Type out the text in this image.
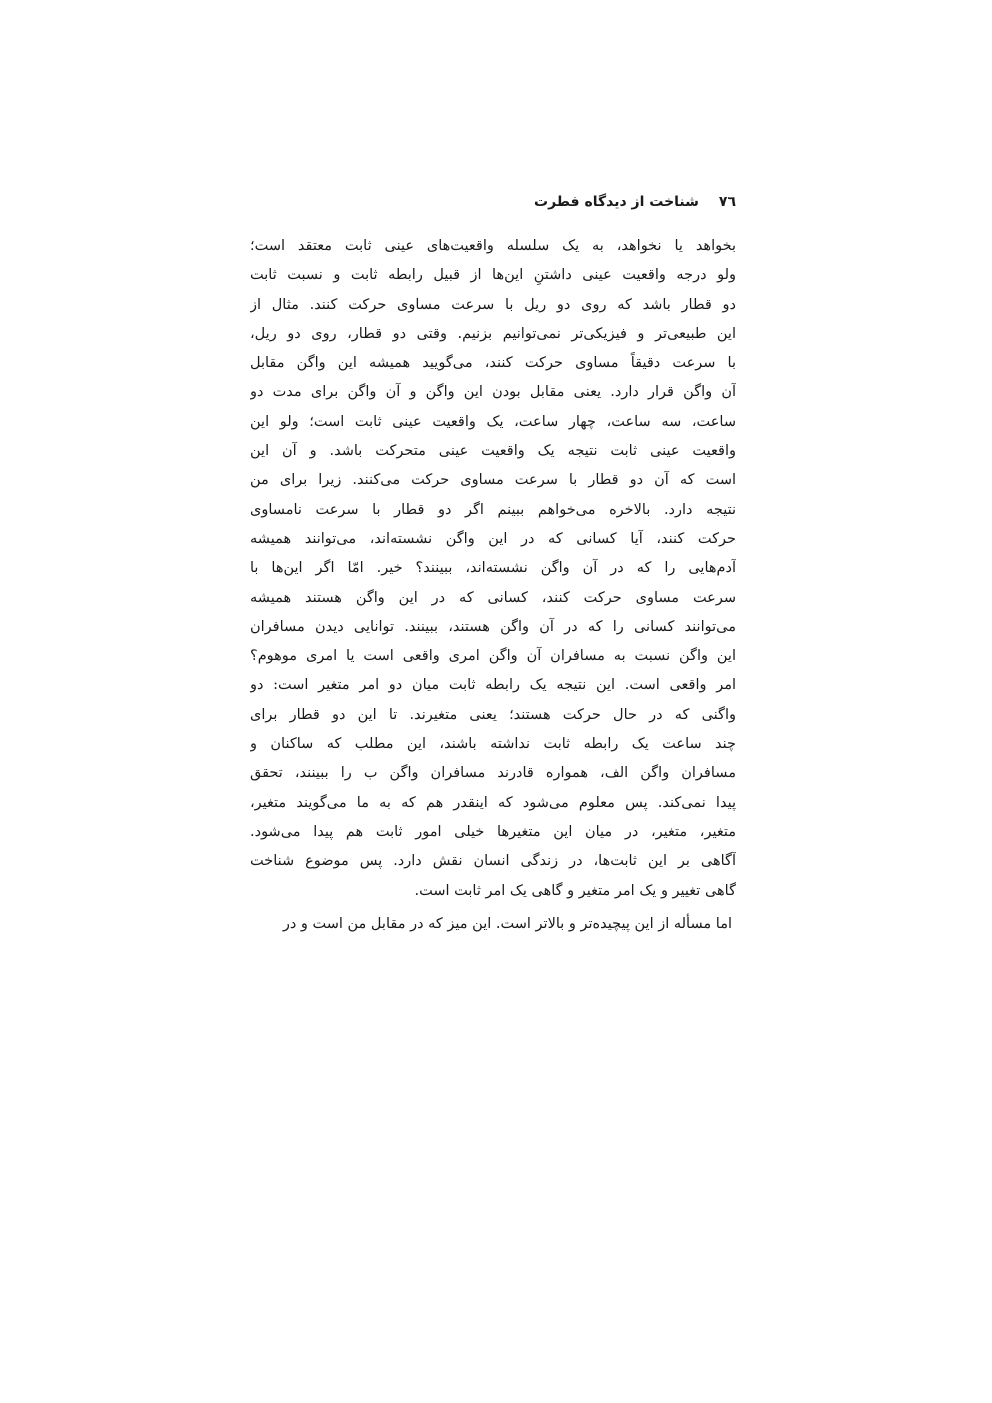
٧٦
شناخت از دیدگاه فطرت
بخواهد یا نخواهد، به یک سلسله واقعیت‌های عینی ثابت معتقد است؛
ولو درجه واقعیت عینی داشتنِ این‌ها از قبیل رابطه ثابت و نسبت ثابت
دو قطار باشد که روی دو ریل با سرعت مساوی حرکت کنند. مثال از
این طبیعی‌تر و فیزیکی‌تر نمی‌توانیم بزنیم. وقتی دو قطار، روی دو ریل،
با سرعت دقیقاً مساوی حرکت کنند، می‌گویید همیشه این واگن مقابل
آن واگن قرار دارد. یعنی مقابل بودن این واگن و آن واگن برای مدت دو
ساعت، سه ساعت، چهار ساعت، یک واقعیت عینی ثابت است؛ ولو این
واقعیت عینی ثابت نتیجه یک واقعیت عینی متحرکت باشد. و آن این
است که آن دو قطار با سرعت مساوی حرکت می‌کنند. زیرا برای من
نتیجه دارد. بالاخره می‌خواهم ببینم اگر دو قطار با سرعت نامساوی
حرکت کنند، آیا کسانی که در این واگن نشسته‌اند، می‌توانند همیشه
آدم‌هایی را که در آن واگن نشسته‌اند، ببینند؟ خیر. امّا اگر این‌ها با
سرعت مساوی حرکت کنند، کسانی که در این واگن هستند همیشه
می‌توانند کسانی را که در آن واگن هستند، ببینند. توانایی دیدن مسافران
این واگن نسبت به مسافران آن واگن امری واقعی است یا امری موهوم؟
امر واقعی است. این نتیجه یک رابطه ثابت میان دو امر متغیر است: دو
واگنی که در حال حرکت هستند؛ یعنی متغیرند. تا این دو قطار برای
چند ساعت یک رابطه ثابت نداشته باشند، این مطلب که ساکنان و
مسافران واگن الف، همواره قادرند مسافران واگن ب را ببینند، تحقق
پیدا نمی‌کند. پس معلوم می‌شود که اینقدر هم که به ما می‌گویند متغیر،
متغیر، متغیر، در میان این متغیرها خیلی امور ثابت هم پیدا می‌شود.
آگاهی بر این ثابت‌ها، در زندگی انسان نقش دارد. پس موضوع شناخت
گاهی تغییر و یک امر متغیر و گاهی یک امر ثابت است.
اما مسأله از این پیچیده‌تر و بالاتر است. این میز که در مقابل من است و در
